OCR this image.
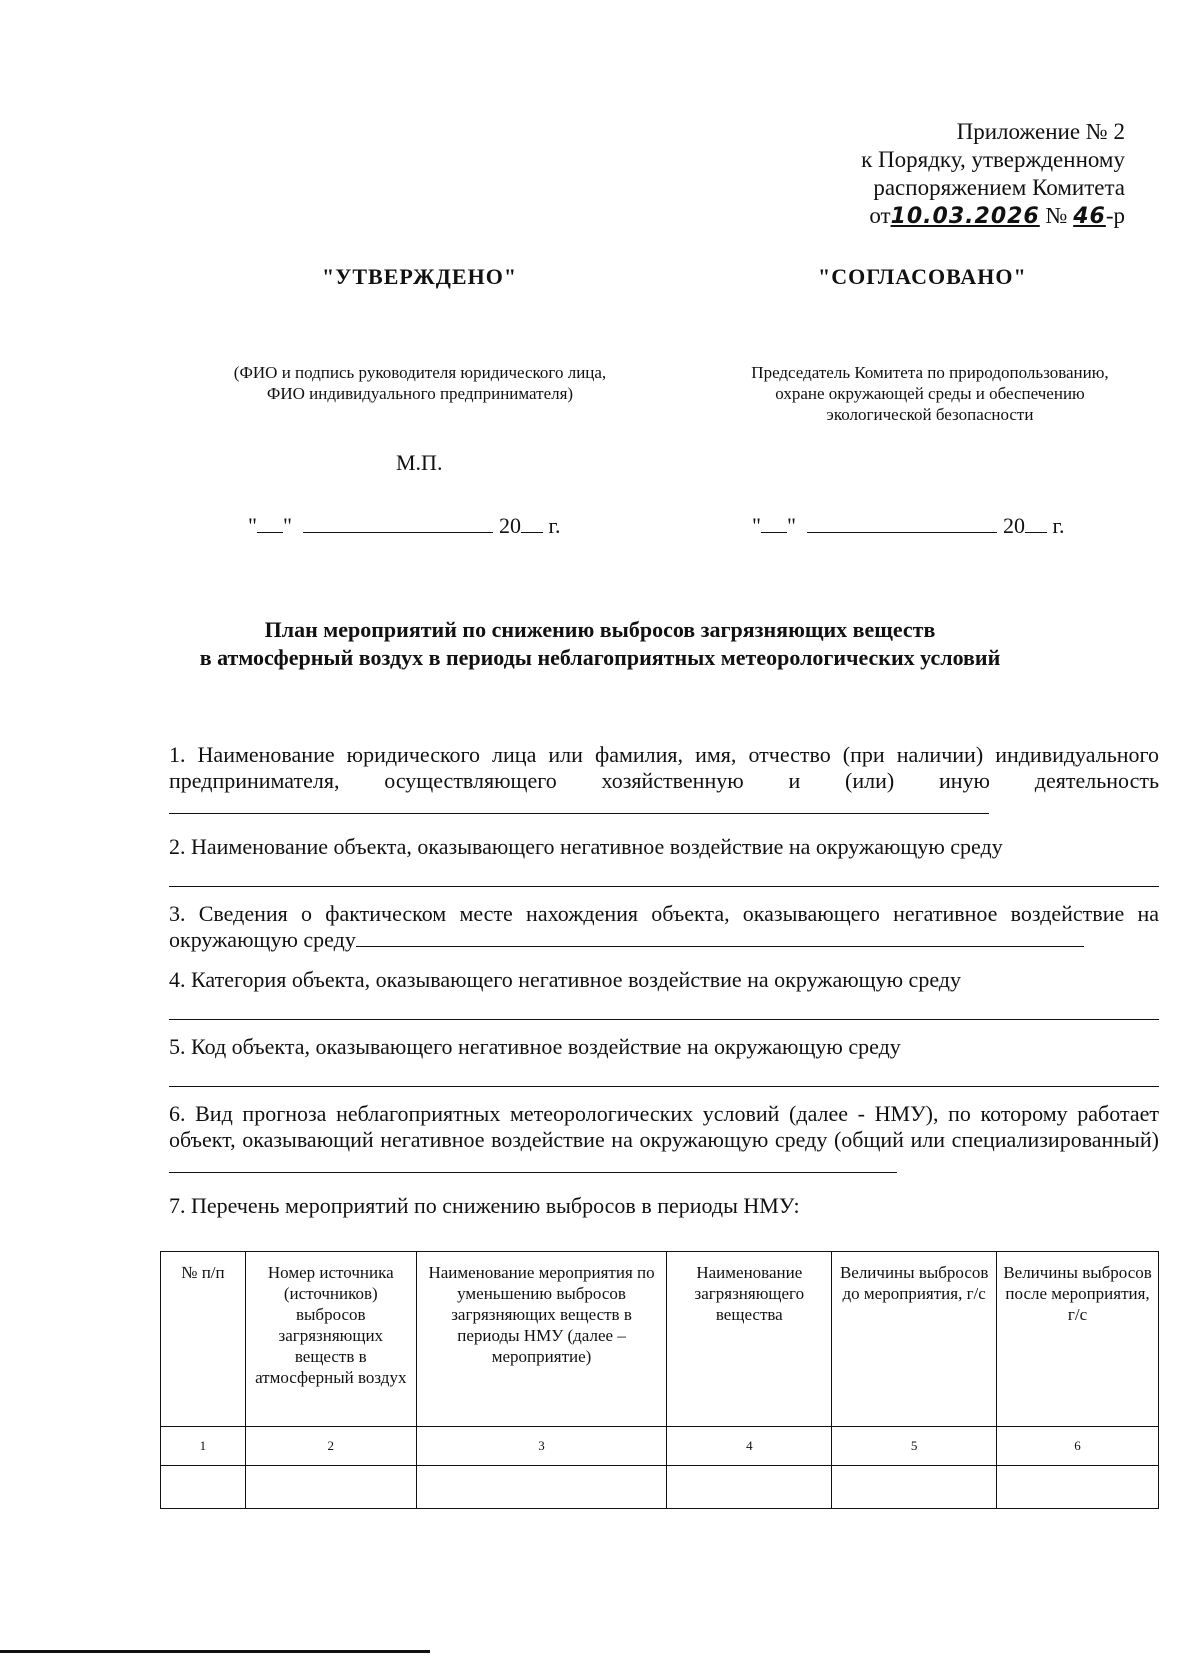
Приложение № 2
к Порядку, утвержденному
распоряжением Комитета
от10.03.2026 № 46-р
"УТВЕРЖДЕНО"	"СОГЛАСОВАНО"
(ФИО и подпись руководителя юридического лица,
ФИО индивидуального предпринимателя)
Председатель Комитета по природопользованию,
охране окружающей среды и обеспечению
экологической безопасности
М.П.
" "	20 г.	" "	20 г.
План мероприятий по снижению выбросов загрязняющих веществ
в атмосферный воздух в периоды неблагоприятных метеорологических условий
1. Наименование юридического лица или фамилия, имя, отчество (при наличии) индивидуального предпринимателя, осуществляющего хозяйственную и (или) иную деятельность
2. Наименование объекта, оказывающего негативное воздействие на окружающую среду
3. Сведения о фактическом месте нахождения объекта, оказывающего негативное воздействие на окружающую среду
4. Категория объекта, оказывающего негативное воздействие на окружающую среду
5. Код объекта, оказывающего негативное воздействие на окружающую среду
6. Вид прогноза неблагоприятных метеорологических условий (далее - НМУ), по которому работает объект, оказывающий негативное воздействие на окружающую среду (общий или специализированный)
7. Перечень мероприятий по снижению выбросов в периоды НМУ:
№ п/п	Номер источника (источников) выбросов загрязняющих веществ в атмосферный воздух	Наименование мероприятия по уменьшению выбросов загрязняющих веществ в периоды НМУ (далее – мероприятие)	Наименование загрязняющего вещества	Величины выбросов до мероприятия, г/с	Величины выбросов после мероприятия, г/с
1	2	3	4	5	6
